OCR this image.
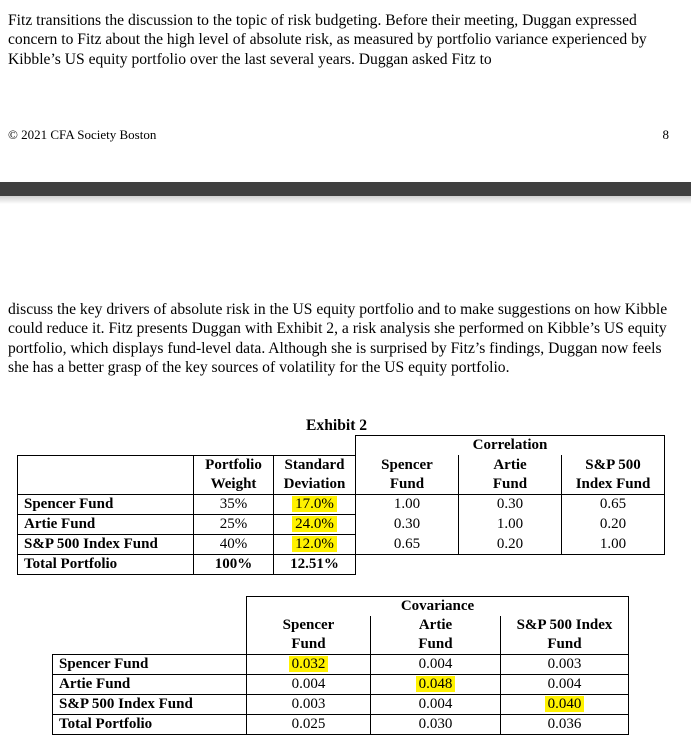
Fitz transitions the discussion to the topic of risk budgeting. Before their meeting, Duggan expressed concern to Fitz about the high level of absolute risk, as measured by portfolio variance experienced by Kibble’s US equity portfolio over the last several years. Duggan asked Fitz to

© 2021 CFA Society Boston	8

discuss the key drivers of absolute risk in the US equity portfolio and to make suggestions on how Kibble could reduce it. Fitz presents Duggan with Exhibit 2, a risk analysis she performed on Kibble’s US equity portfolio, which displays fund-level data. Although she is surprised by Fitz’s findings, Duggan now feels she has a better grasp of the key sources of volatility for the US equity portfolio.

Exhibit 2
			Correlation		
	Portfolio	Standard	Spencer	Artie	S&P 500
	Weight	Deviation	Fund	Fund	Index Fund
Spencer Fund	35%	17.0%	1.00	0.30	0.65
Artie Fund	25%	24.0%	0.30	1.00	0.20
S&P 500 Index Fund	40%	12.0%	0.65	0.20	1.00
Total Portfolio	100%	12.51%			
	Covariance		
	Spencer	Artie	S&P 500 Index
	Fund	Fund	Fund
Spencer Fund	0.032	0.004	0.003
Artie Fund	0.004	0.048	0.004
S&P 500 Index Fund	0.003	0.004	0.040
Total Portfolio	0.025	0.030	0.036
